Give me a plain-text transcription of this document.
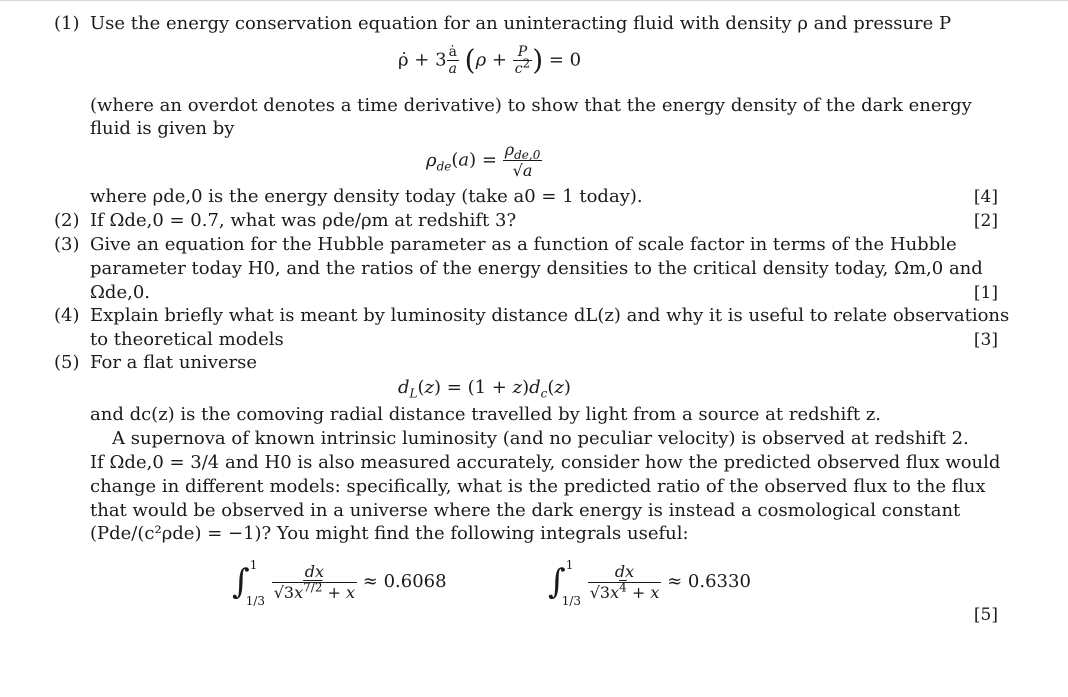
(1) Use the energy conservation equation for an uninteracting fluid with density ρ and pressure P
ρ̇ + $3 \frac{ȧ}{a} (\rho + \frac{P}{c^2}$ ) = 0
(where an overdot denotes a time derivative) to show that the energy density of the dark energy
fluid is given by
$\rho_{de}(a) = \frac{\rho_{de,0}}{√a}$
where ρde,0 is the energy density today (take a0 = 1 today).	[4]
(2) If Ωde,0 = 0.7, what was ρde/ρm at redshift 3?	[2]
(3) Give an equation for the Hubble parameter as a function of scale factor in terms of the Hubble
parameter today H0, and the ratios of the energy densities to the critical density today, Ωm,0 and
Ωde,0.	[1]
(4) Explain briefly what is meant by luminosity distance dL(z) and why it is useful to relate observations
to theoretical models	[3]
(5) For a flat universe
$d_L(z) = (1 + z)d_c(z)$
and dc(z) is the comoving radial distance travelled by light from a source at redshift z.
A supernova of known intrinsic luminosity (and no peculiar velocity) is observed at redshift 2.
If Ωde,0 = 3/4 and H0 is also measured accurately, consider how the predicted observed flux would
change in different models: specifically, what is the predicted ratio of the observed flux to the flux
that would be observed in a universe where the dark energy is instead a cosmological constant
(Pde/(c²ρde) = −1)? You might find the following integrals useful:
∫ 1
$1/3 \frac{dx}{√3x^{7/2} + x} \approx 0.6068$	∫ 1
$1/3 \frac{dx}{√3x^4 + x} \approx 0.6330$
[5]
